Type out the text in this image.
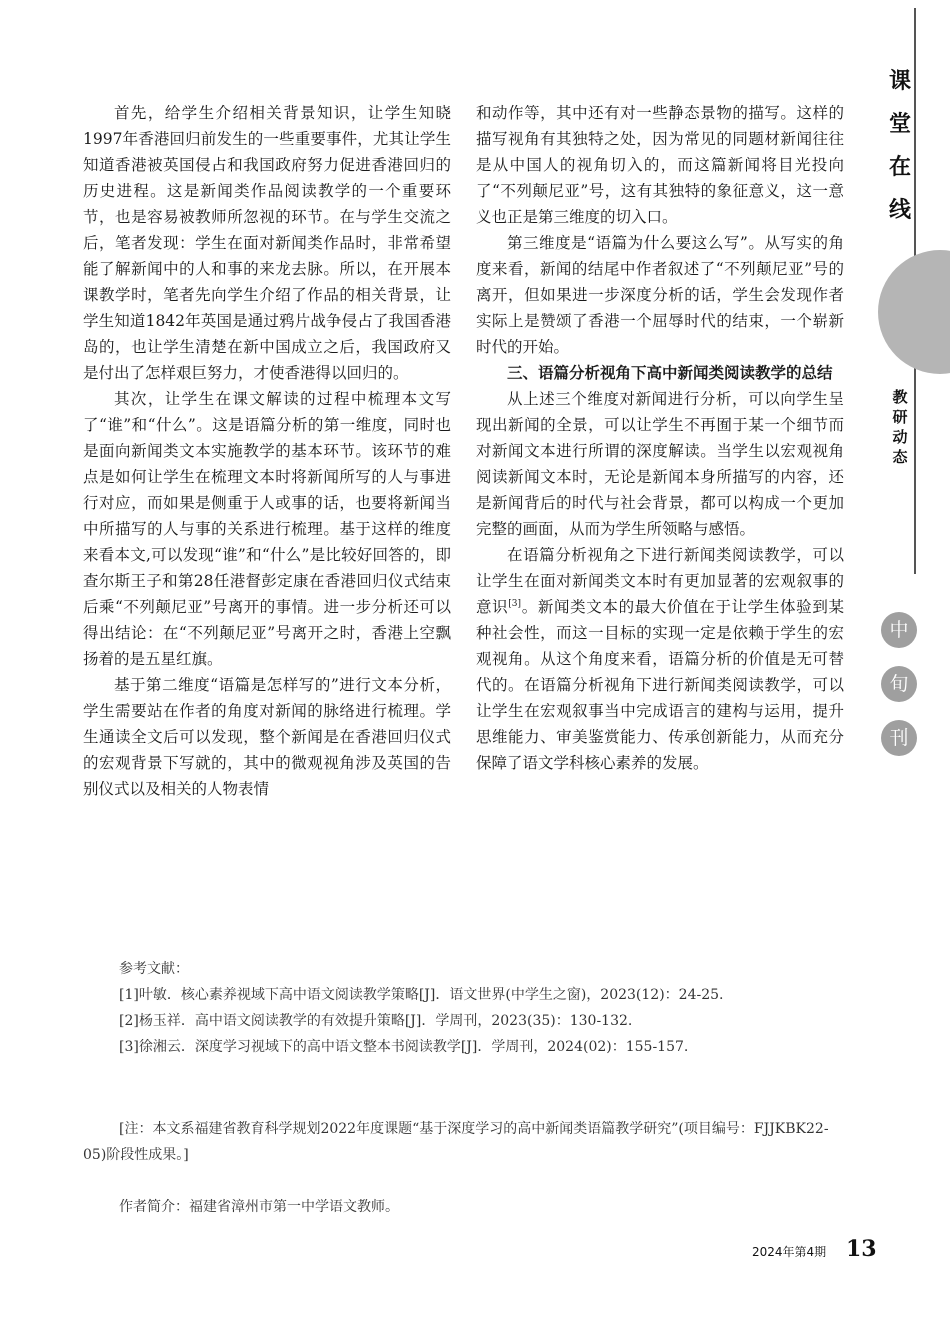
首先，给学生介绍相关背景知识，让学生知晓1997年香港回归前发生的一些重要事件，尤其让学生知道香港被英国侵占和我国政府努力促进香港回归的历史进程。这是新闻类作品阅读教学的一个重要环节，也是容易被教师所忽视的环节。在与学生交流之后，笔者发现：学生在面对新闻类作品时，非常希望能了解新闻中的人和事的来龙去脉。所以，在开展本课教学时，笔者先向学生介绍了作品的相关背景，让学生知道1842年英国是通过鸦片战争侵占了我国香港岛的，也让学生清楚在新中国成立之后，我国政府又是付出了怎样艰巨努力，才使香港得以回归的。

其次，让学生在课文解读的过程中梳理本文写了“谁”和“什么”。这是语篇分析的第一维度，同时也是面向新闻类文本实施教学的基本环节。该环节的难点是如何让学生在梳理文本时将新闻所写的人与事进行对应，而如果是侧重于人或事的话，也要将新闻当中所描写的人与事的关系进行梳理。基于这样的维度来看本文,可以发现“谁”和“什么”是比较好回答的，即查尔斯王子和第28任港督彭定康在香港回归仪式结束后乘“不列颠尼亚”号离开的事情。进一步分析还可以得出结论：在“不列颠尼亚”号离开之时，香港上空飘扬着的是五星红旗。

基于第二维度“语篇是怎样写的”进行文本分析，学生需要站在作者的角度对新闻的脉络进行梳理。学生通读全文后可以发现，整个新闻是在香港回归仪式的宏观背景下写就的，其中的微观视角涉及英国的告别仪式以及相关的人物表情

和动作等，其中还有对一些静态景物的描写。这样的描写视角有其独特之处，因为常见的同题材新闻往往是从中国人的视角切入的，而这篇新闻将目光投向了“不列颠尼亚”号，这有其独特的象征意义，这一意义也正是第三维度的切入口。

第三维度是“语篇为什么要这么写”。从写实的角度来看，新闻的结尾中作者叙述了“不列颠尼亚”号的离开，但如果进一步深度分析的话，学生会发现作者实际上是赞颂了香港一个屈辱时代的结束，一个崭新时代的开始。

三、语篇分析视角下高中新闻类阅读教学的总结

从上述三个维度对新闻进行分析，可以向学生呈现出新闻的全景，可以让学生不再囿于某一个细节而对新闻文本进行所谓的深度解读。当学生以宏观视角阅读新闻文本时，无论是新闻本身所描写的内容，还是新闻背后的时代与社会背景，都可以构成一个更加完整的画面，从而为学生所领略与感悟。

在语篇分析视角之下进行新闻类阅读教学，可以让学生在面对新闻类文本时有更加显著的宏观叙事的意识[3]。新闻类文本的最大价值在于让学生体验到某种社会性，而这一目标的实现一定是依赖于学生的宏观视角。从这个角度来看，语篇分析的价值是无可替代的。在语篇分析视角下进行新闻类阅读教学，可以让学生在宏观叙事当中完成语言的建构与运用，提升思维能力、审美鉴赏能力、传承创新能力，从而充分保障了语文学科核心素养的发展。

参考文献：
[1]叶敏．核心素养视域下高中语文阅读教学策略[J]．语文世界(中学生之窗)，2023(12)：24-25.
[2]杨玉祥．高中语文阅读教学的有效提升策略[J]．学周刊，2023(35)：130-132.
[3]徐湘云．深度学习视域下的高中语文整本书阅读教学[J]．学周刊，2024(02)：155-157.
[注：本文系福建省教育科学规划2022年度课题“基于深度学习的高中新闻类语篇教学研究”(项目编号：FJJKBK22-05)阶段性成果。]
作者简介：福建省漳州市第一中学语文教师。
课堂在线
教研动态
中
旬
刊
2024年第4期 13
